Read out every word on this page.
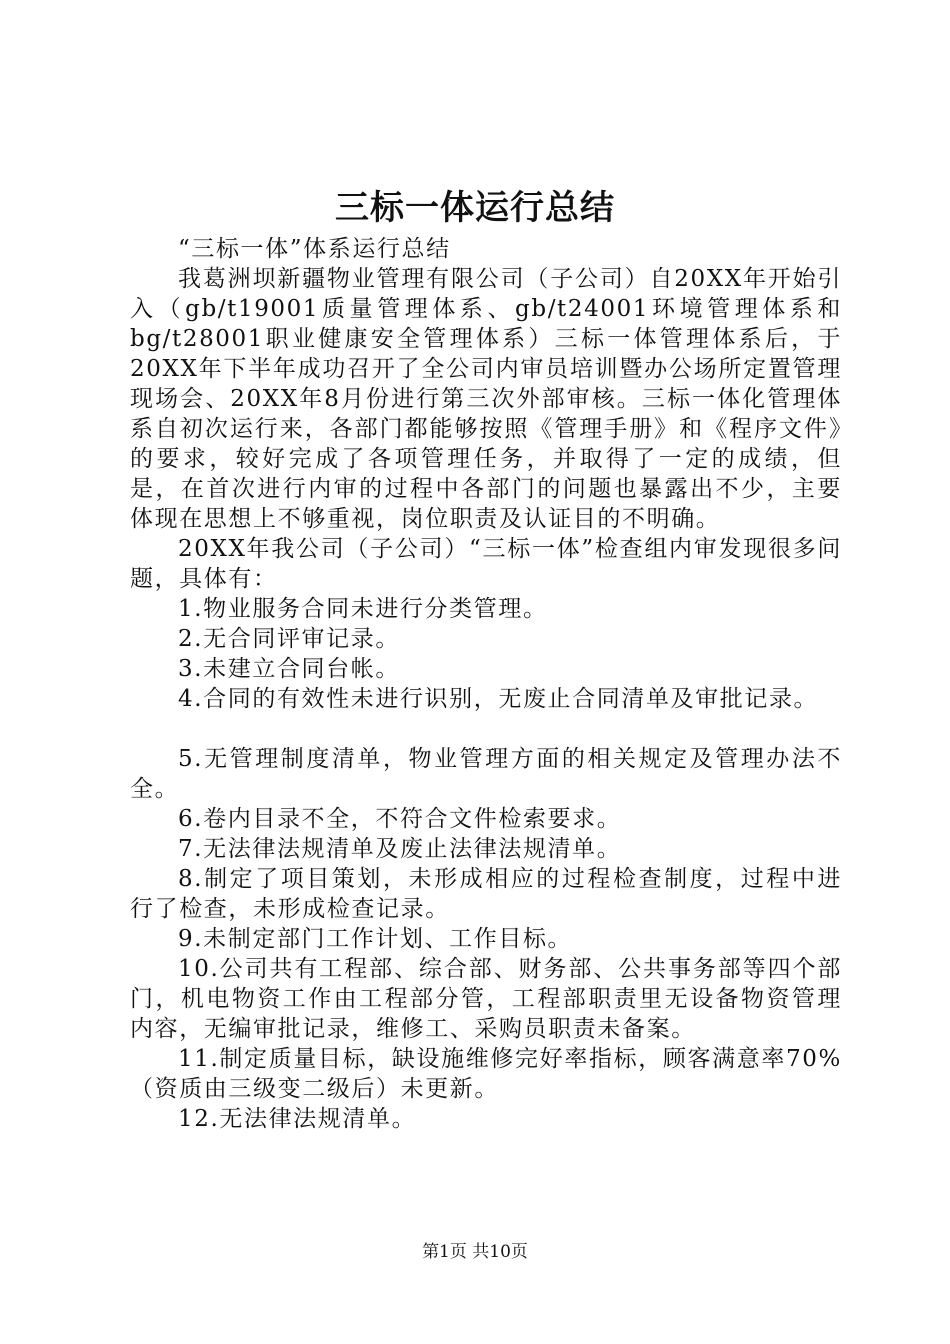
三标一体运行总结

“三标一体”体系运行总结

我葛洲坝新疆物业管理有限公司（子公司）自20XX年开始引入（gb/t19001质量管理体系、gb/t24001环境管理体系和bg/t28001职业健康安全管理体系）三标一体管理体系后，于20XX年下半年成功召开了全公司内审员培训暨办公场所定置管理现场会、20XX年8月份进行第三次外部审核。三标一体化管理体系自初次运行来，各部门都能够按照《管理手册》和《程序文件》的要求，较好完成了各项管理任务，并取得了一定的成绩，但是，在首次进行内审的过程中各部门的问题也暴露出不少，主要体现在思想上不够重视，岗位职责及认证目的不明确。

20XX年我公司（子公司）“三标一体”检查组内审发现很多问题，具体有：

1.物业服务合同未进行分类管理。

2.无合同评审记录。

3.未建立合同台帐。

4.合同的有效性未进行识别，无废止合同清单及审批记录。

5.无管理制度清单，物业管理方面的相关规定及管理办法不全。

6.卷内目录不全，不符合文件检索要求。

7.无法律法规清单及废止法律法规清单。

8.制定了项目策划，未形成相应的过程检查制度，过程中进行了检查，未形成检查记录。

9.未制定部门工作计划、工作目标。

10.公司共有工程部、综合部、财务部、公共事务部等四个部门，机电物资工作由工程部分管，工程部职责里无设备物资管理内容，无编审批记录，维修工、采购员职责未备案。

11.制定质量目标，缺设施维修完好率指标，顾客满意率70%（资质由三级变二级后）未更新。

12.无法律法规清单。

第1页 共10页
